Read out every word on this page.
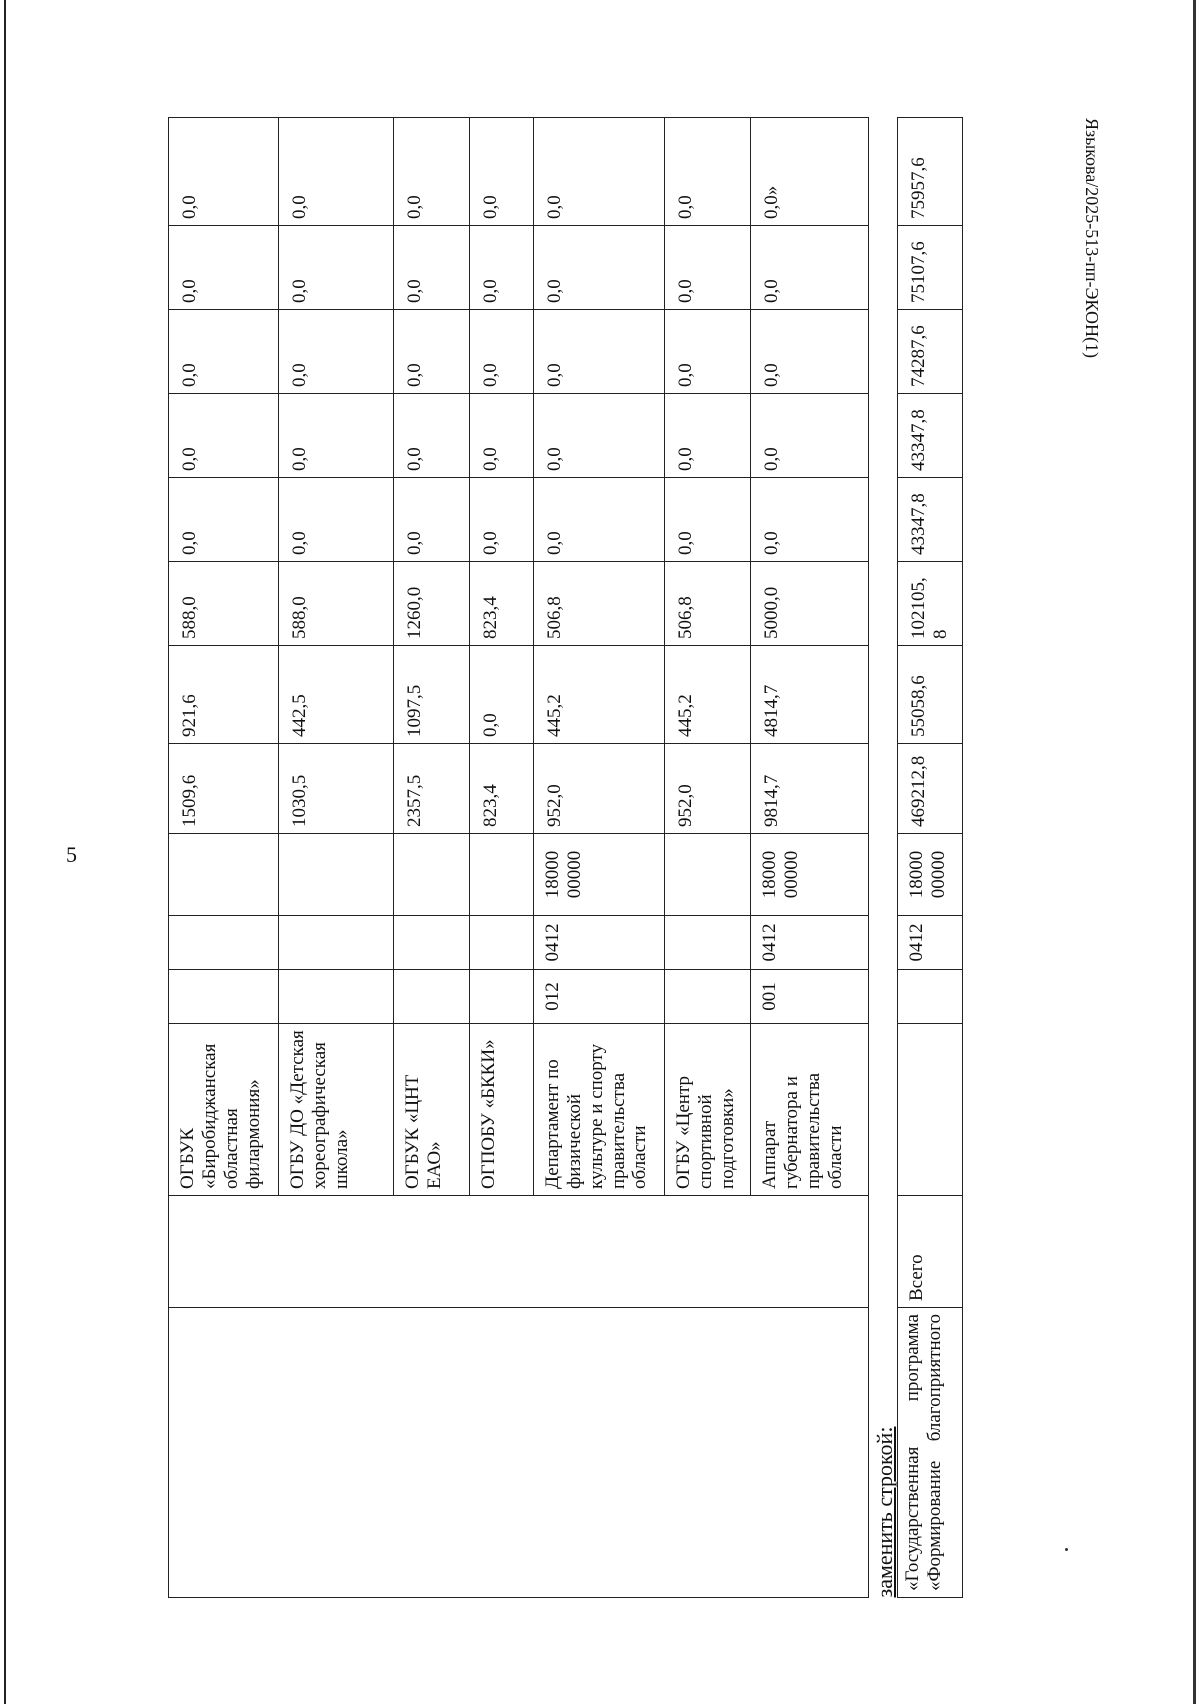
5
Языкова/2025-513-пп-ЭКОН(1)
		ОГБУК «Биробиджанская областная филармония»				1509,6	921,6	588,0	0,0	0,0	0,0	0,0	0,0
		ОГБУ ДО «Детская хореографическая школа»				1030,5	442,5	588,0	0,0	0,0	0,0	0,0	0,0
		ОГБУК «ЦНТ ЕАО»				2357,5	1097,5	1260,0	0,0	0,0	0,0	0,0	0,0
		ОГПОБУ «БККИ»				823,4	0,0	823,4	0,0	0,0	0,0	0,0	0,0
		Департамент по физической культуре и спорту правительства области	012	0412	18000 00000	952,0	445,2	506,8	0,0	0,0	0,0	0,0	0,0
		ОГБУ «Центр спортивной подготовки»				952,0	445,2	506,8	0,0	0,0	0,0	0,0	0,0
		Аппарат губернатора и правительства области	001	0412	18000 00000	9814,7	4814,7	5000,0	0,0	0,0	0,0	0,0	0,0»
заменить строкой:													

«Государственная
программа
«Формирование
благоприятного	Всего			0412	18000 00000	469212,8	55058,6	102105,8	43347,8	43347,8	74287,6	75107,6	75957,6
